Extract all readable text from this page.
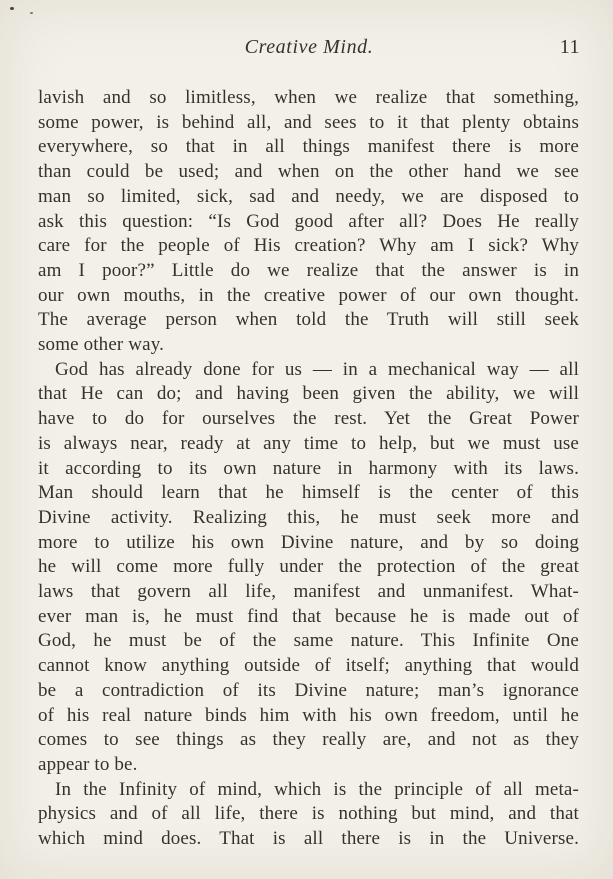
Creative Mind.	11
lavish and so limitless, when we realize that something,
some power, is behind all, and sees to it that plenty obtains
everywhere, so that in all things manifest there is more
than could be used; and when on the other hand we see
man so limited, sick, sad and needy, we are disposed to
ask this question: “Is God good after all? Does He really
care for the people of His creation? Why am I sick? Why
am I poor?” Little do we realize that the answer is in
our own mouths, in the creative power of our own thought.
The average person when told the Truth will still seek
some other way.
God has already done for us — in a mechanical way — all
that He can do; and having been given the ability, we will
have to do for ourselves the rest. Yet the Great Power
is always near, ready at any time to help, but we must use
it according to its own nature in harmony with its laws.
Man should learn that he himself is the center of this
Divine activity. Realizing this, he must seek more and
more to utilize his own Divine nature, and by so doing
he will come more fully under the protection of the great
laws that govern all life, manifest and unmanifest. What-
ever man is, he must find that because he is made out of
God, he must be of the same nature. This Infinite One
cannot know anything outside of itself; anything that would
be a contradiction of its Divine nature; man’s ignorance
of his real nature binds him with his own freedom, until he
comes to see things as they really are, and not as they
appear to be.
In the Infinity of mind, which is the principle of all meta-
physics and of all life, there is nothing but mind, and that
which mind does. That is all there is in the Universe.
